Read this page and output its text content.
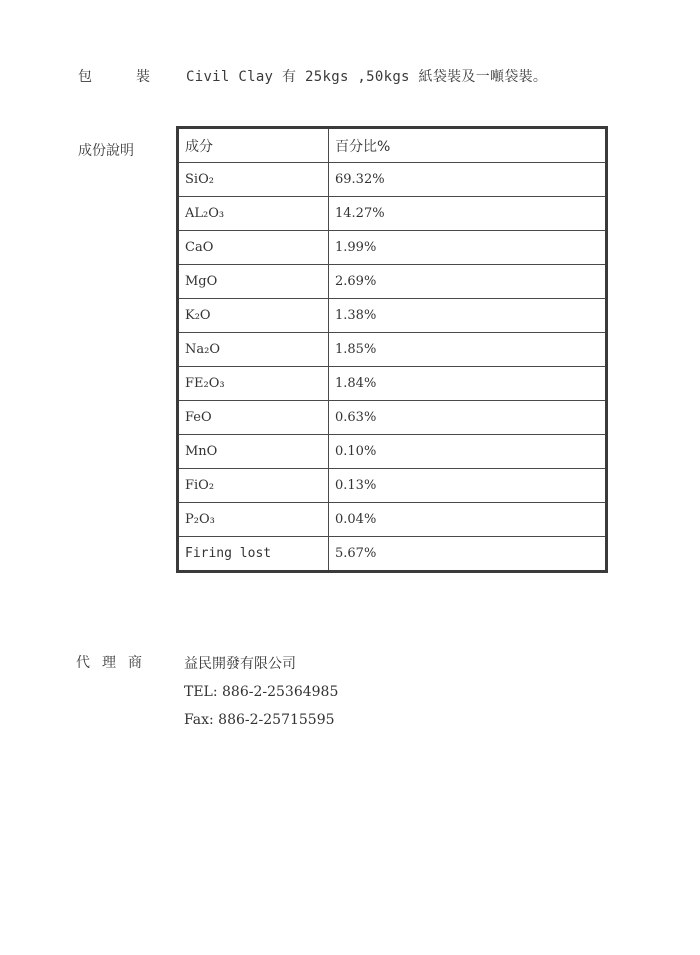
包	裝	Civil Clay 有 25kgs ,50kgs 紙袋裝及一噸袋裝。
成份說明	成分	百分比%
SiO₂	69.32%
AL₂O₃	14.27%
CaO	1.99%
MgO	2.69%
K₂O	1.38%
Na₂O	1.85%
FE₂O₃	1.84%
FeO	0.63%
MnO	0.10%
FiO₂	0.13%
P₂O₃	0.04%
Firing lost	5.67%
代理商 益民開發有限公司
TEL: 886-2-25364985
Fax: 886-2-25715595
